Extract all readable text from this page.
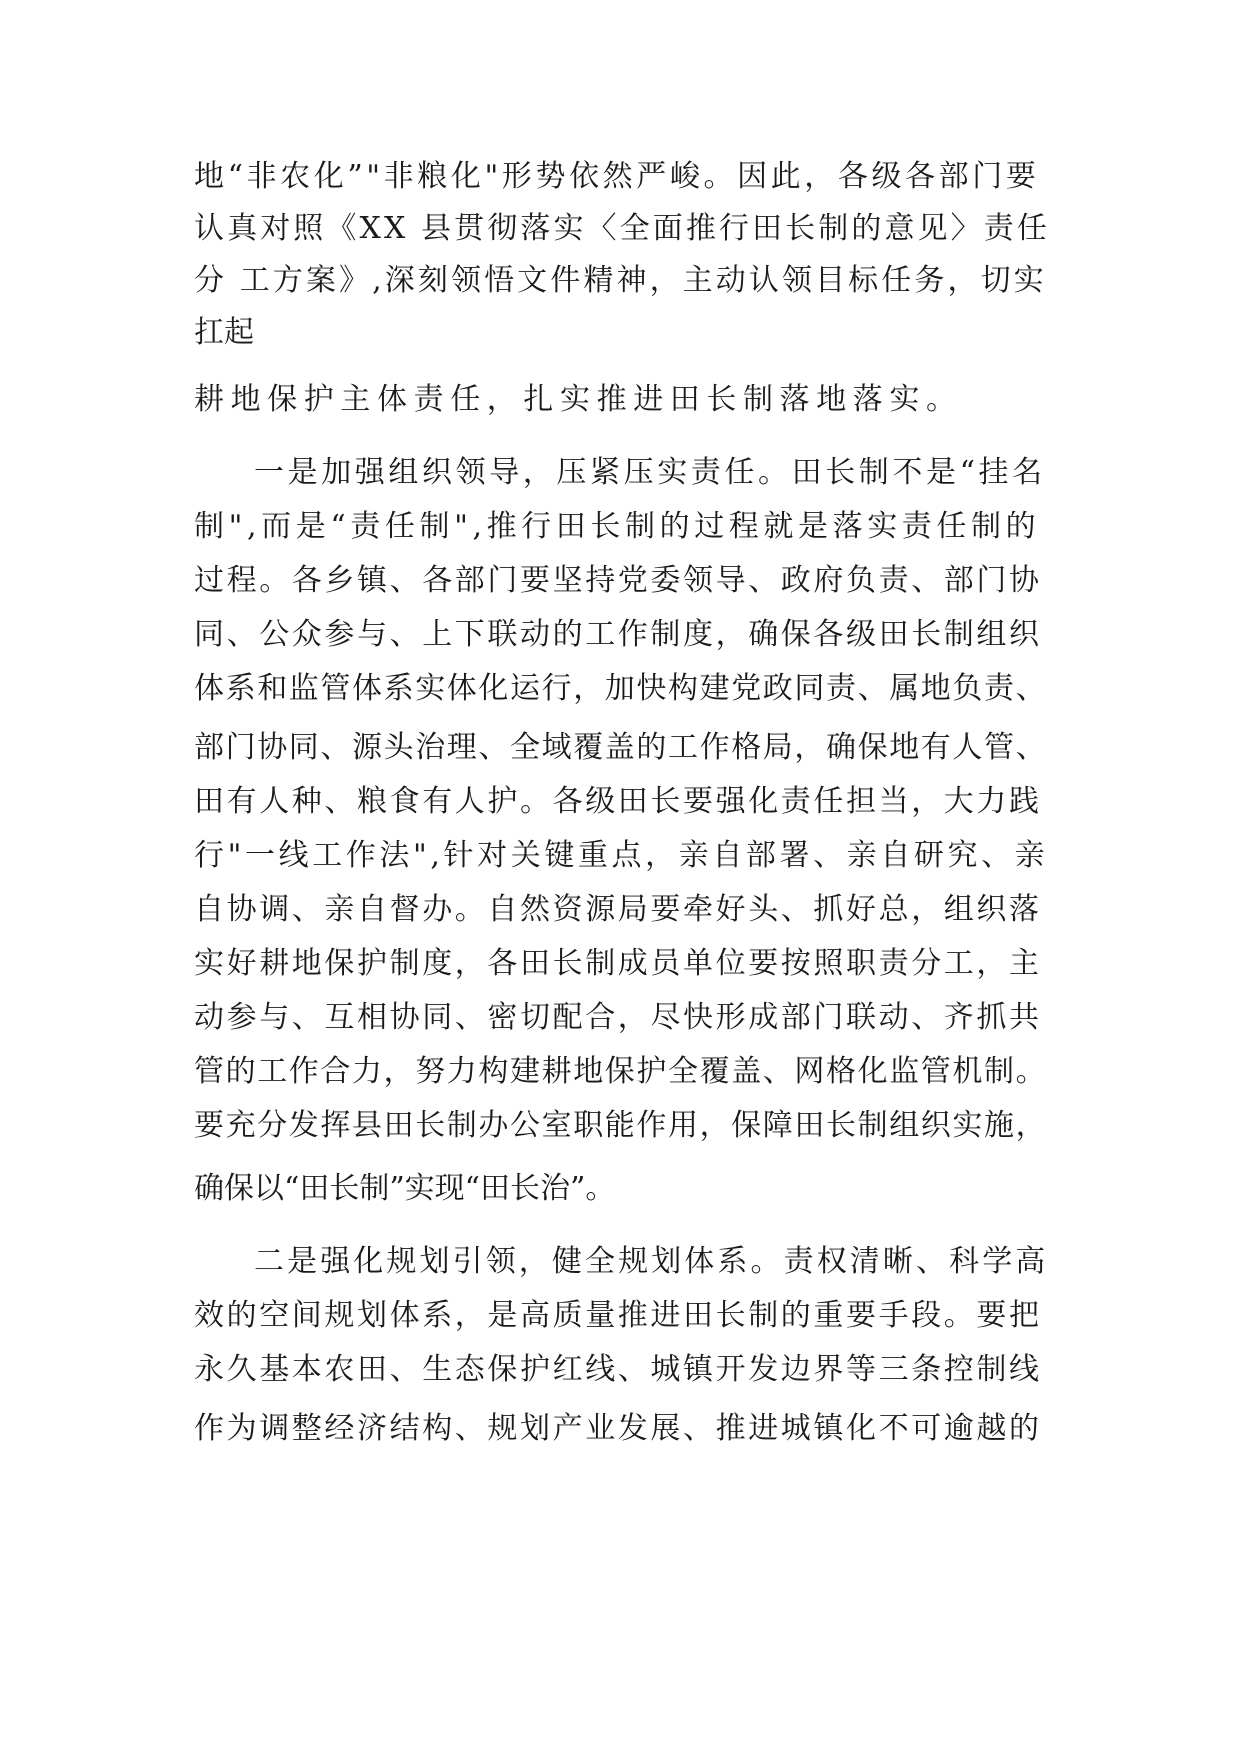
地“非农化”"非粮化"形势依然严峻。因此，各级各部门要

认真对照《XX 县贯彻落实〈全面推行田长制的意见〉责任

分 工方案》,深刻领悟文件精神，主动认领目标任务，切实

扛起

耕地保护主体责任，扎实推进田长制落地落实。

一是加强组织领导，压紧压实责任。田长制不是“挂名

制",而是“责任制",推行田长制的过程就是落实责任制的

过程。各乡镇、各部门要坚持党委领导、政府负责、部门协

同、公众参与、上下联动的工作制度，确保各级田长制组织

体系和监管体系实体化运行，加快构建党政同责、属地负责、

部门协同、源头治理、全域覆盖的工作格局，确保地有人管、

田有人种、粮食有人护。各级田长要强化责任担当，大力践

行"一线工作法",针对关键重点，亲自部署、亲自研究、亲

自协调、亲自督办。自然资源局要牵好头、抓好总，组织落

实好耕地保护制度，各田长制成员单位要按照职责分工，主

动参与、互相协同、密切配合，尽快形成部门联动、齐抓共

管的工作合力，努力构建耕地保护全覆盖、网格化监管机制。

要充分发挥县田长制办公室职能作用，保障田长制组织实施，

确保以“田长制”实现“田长治”。

二是强化规划引领，健全规划体系。责权清晰、科学高

效的空间规划体系，是高质量推进田长制的重要手段。要把

永久基本农田、生态保护红线、城镇开发边界等三条控制线

作为调整经济结构、规划产业发展、推进城镇化不可逾越的
